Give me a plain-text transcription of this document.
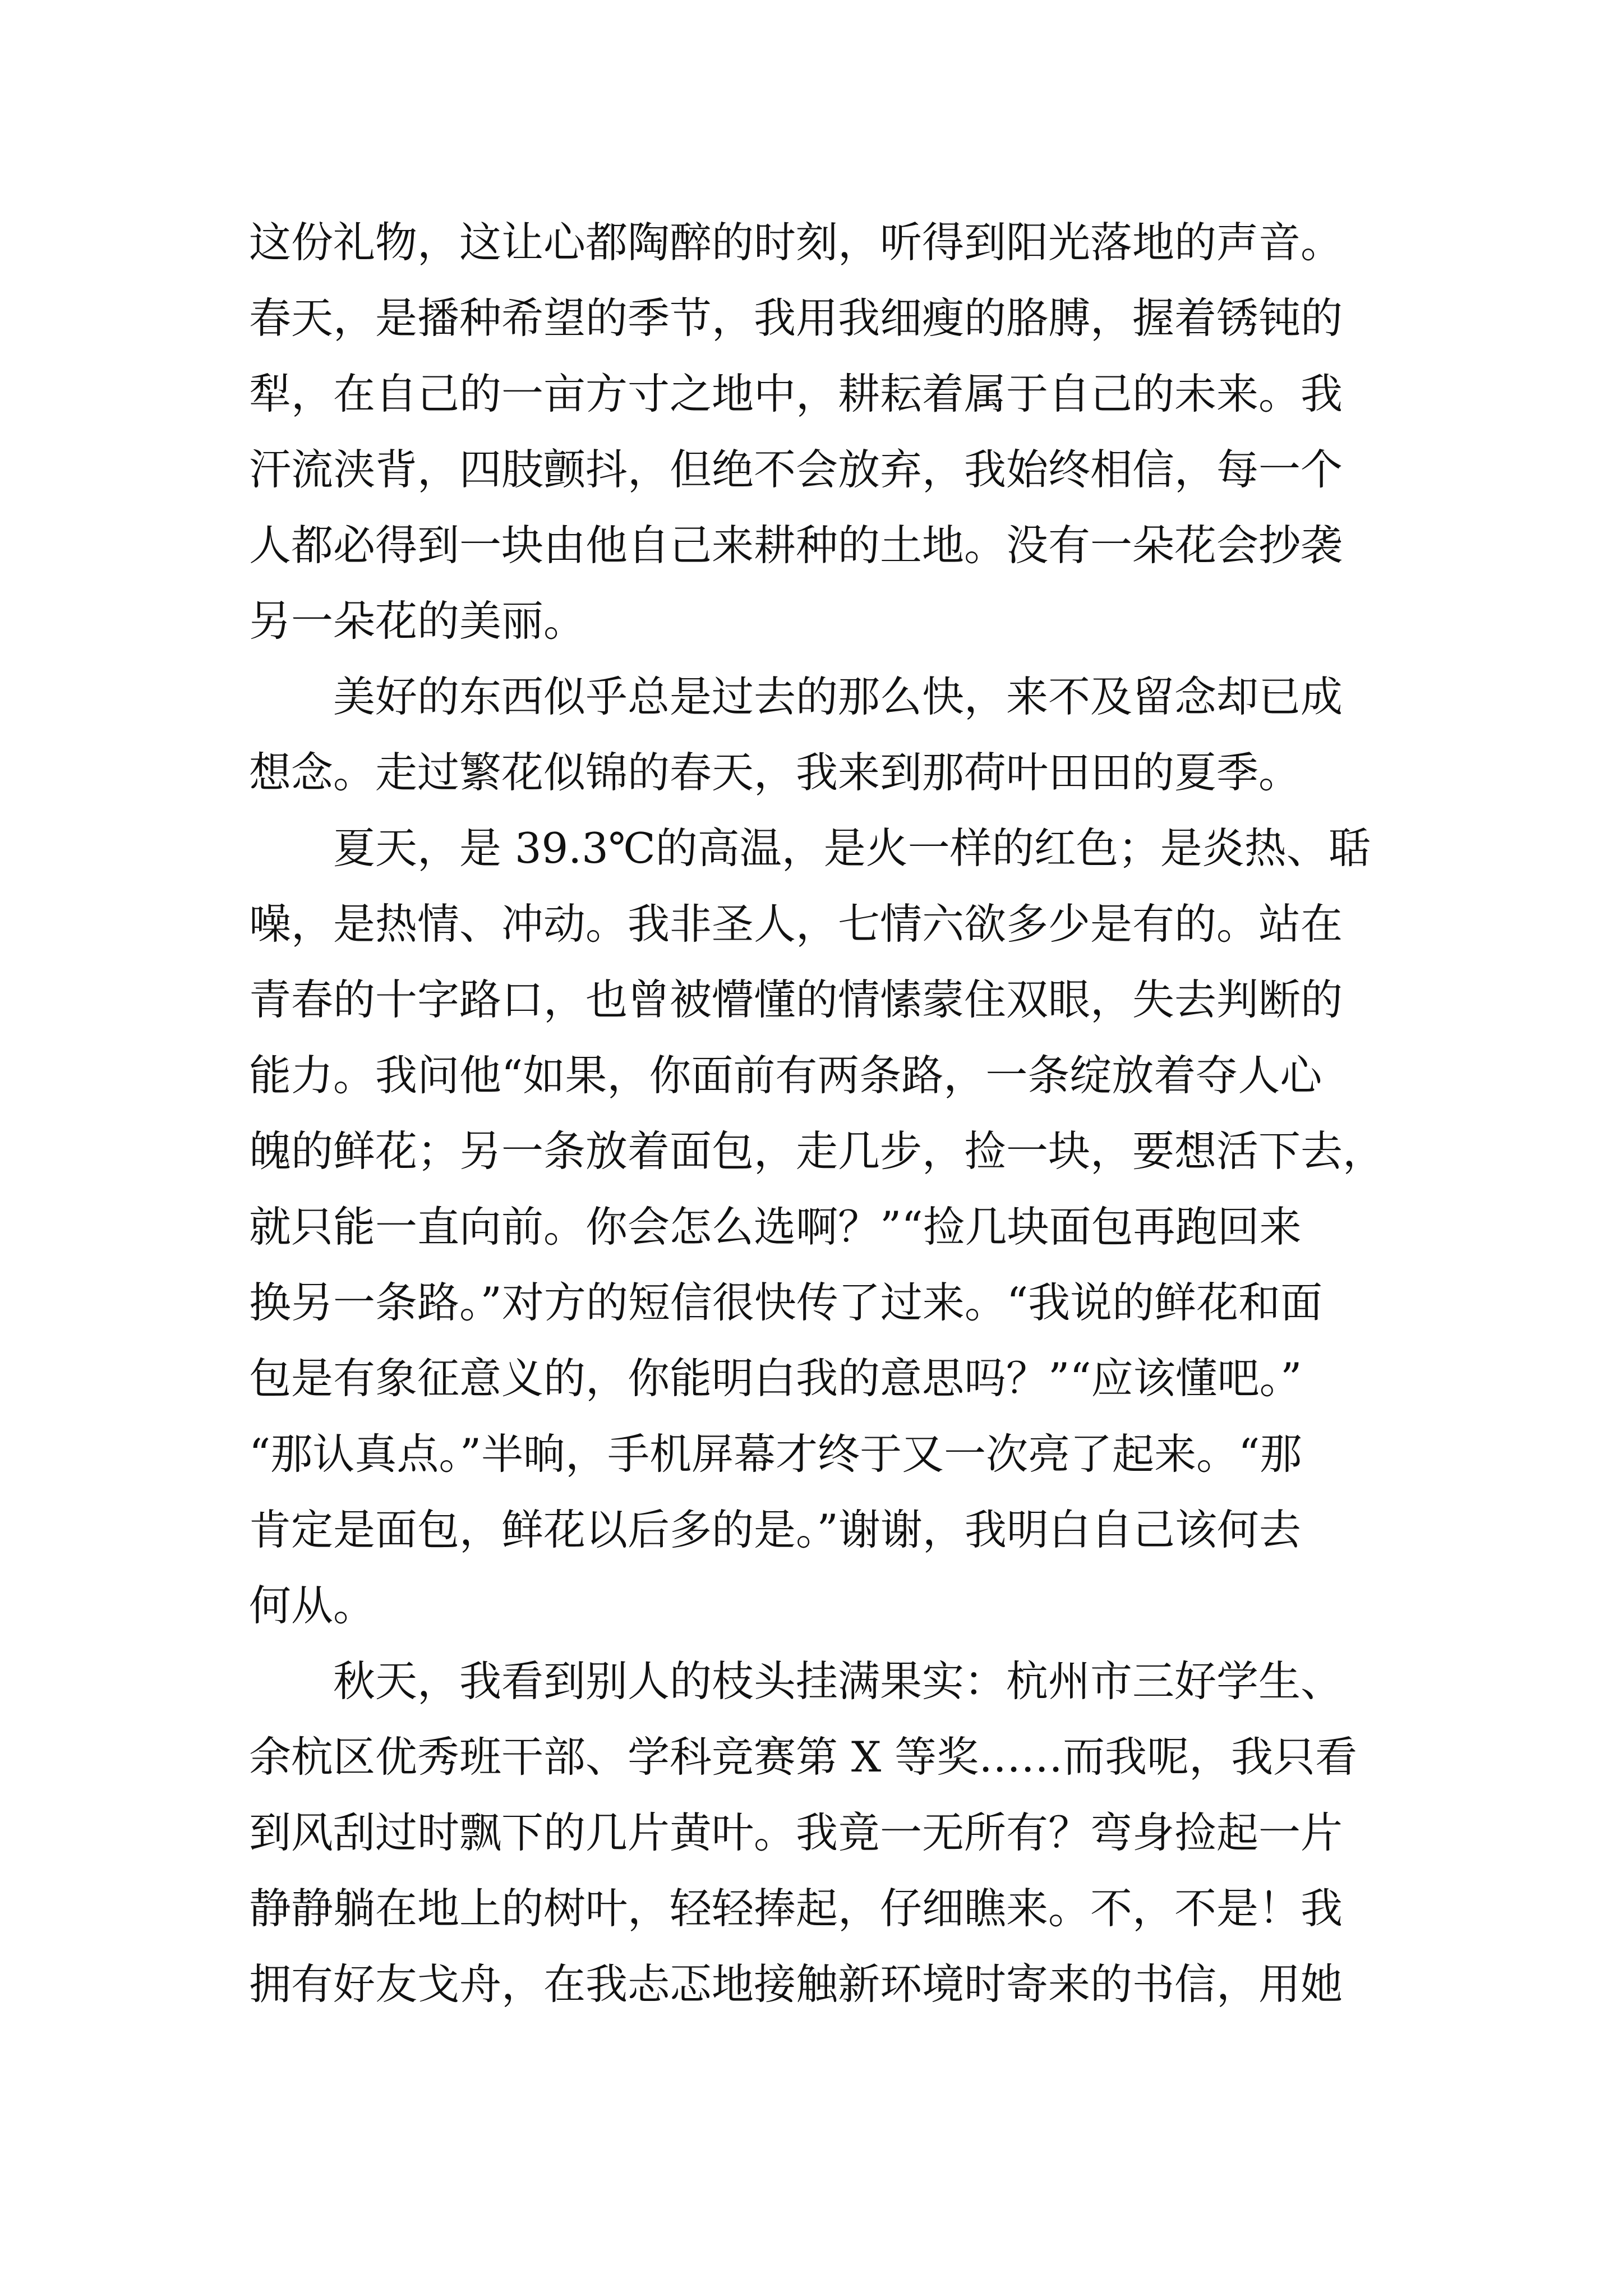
这份礼物，这让心都陶醉的时刻，听得到阳光落地的声音。
春天，是播种希望的季节，我用我细瘦的胳膊，握着锈钝的
犁，在自己的一亩方寸之地中，耕耘着属于自己的未来。我
汗流浃背，四肢颤抖，但绝不会放弃，我始终相信，每一个
人都必得到一块由他自己来耕种的土地。没有一朵花会抄袭
另一朵花的美丽。
美好的东西似乎总是过去的那么快，来不及留念却已成
想念。走过繁花似锦的春天，我来到那荷叶田田的夏季。
夏天，是 39.3℃的高温，是火一样的红色；是炎热、聒
噪，是热情、冲动。我非圣人，七情六欲多少是有的。站在
青春的十字路口，也曾被懵懂的情愫蒙住双眼，失去判断的
能力。我问他“如果，你面前有两条路，一条绽放着夺人心
魄的鲜花；另一条放着面包，走几步，捡一块，要想活下去，
就只能一直向前。你会怎么选啊？”“捡几块面包再跑回来
换另一条路。”对方的短信很快传了过来。“我说的鲜花和面
包是有象征意义的，你能明白我的意思吗？”“应该懂吧。”
“那认真点。”半晌，手机屏幕才终于又一次亮了起来。“那
肯定是面包，鲜花以后多的是。”谢谢，我明白自己该何去
何从。
秋天，我看到别人的枝头挂满果实：杭州市三好学生、
余杭区优秀班干部、学科竞赛第 X 等奖……而我呢，我只看
到风刮过时飘下的几片黄叶。我竟一无所有？弯身捡起一片
静静躺在地上的树叶，轻轻捧起，仔细瞧来。不，不是！我
拥有好友戈舟，在我忐忑地接触新环境时寄来的书信，用她
